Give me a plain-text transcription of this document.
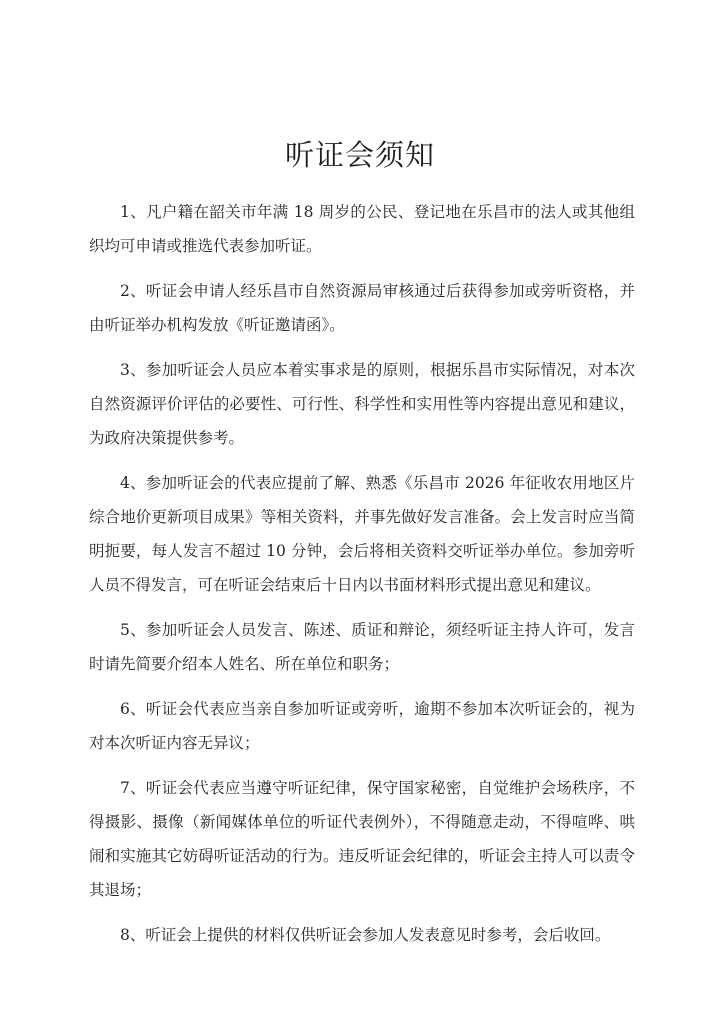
听证会须知

1、凡户籍在韶关市年满 18 周岁的公民、登记地在乐昌市的法人或其他组织均可申请或推选代表参加听证。

2、听证会申请人经乐昌市自然资源局审核通过后获得参加或旁听资格，并由听证举办机构发放《听证邀请函》。

3、参加听证会人员应本着实事求是的原则，根据乐昌市实际情况，对本次自然资源评价评估的必要性、可行性、科学性和实用性等内容提出意见和建议，为政府决策提供参考。

4、参加听证会的代表应提前了解、熟悉《乐昌市 2026 年征收农用地区片综合地价更新项目成果》等相关资料，并事先做好发言准备。会上发言时应当简明扼要，每人发言不超过 10 分钟，会后将相关资料交听证举办单位。参加旁听人员不得发言，可在听证会结束后十日内以书面材料形式提出意见和建议。

5、参加听证会人员发言、陈述、质证和辩论，须经听证主持人许可，发言时请先简要介绍本人姓名、所在单位和职务；

6、听证会代表应当亲自参加听证或旁听，逾期不参加本次听证会的，视为对本次听证内容无异议；

7、听证会代表应当遵守听证纪律，保守国家秘密，自觉维护会场秩序，不得摄影、摄像（新闻媒体单位的听证代表例外），不得随意走动，不得喧哗、哄闹和实施其它妨碍听证活动的行为。违反听证会纪律的，听证会主持人可以责令其退场；

8、听证会上提供的材料仅供听证会参加人发表意见时参考，会后收回。
